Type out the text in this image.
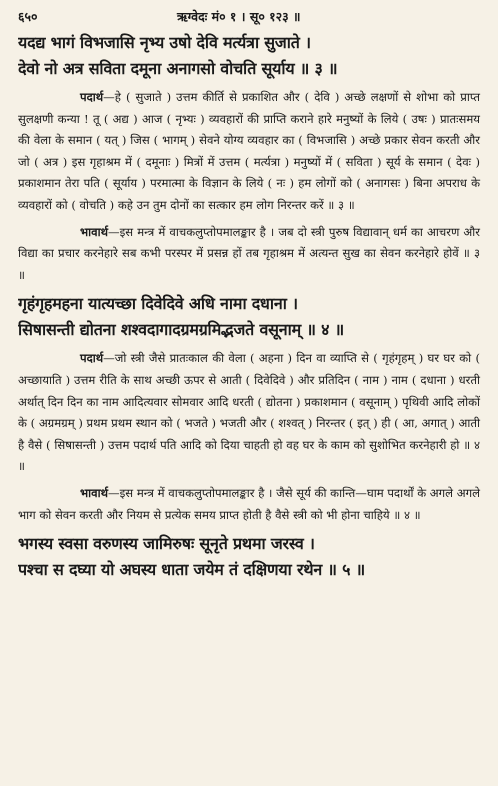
६५०	ऋग्वेदः मं० १ । सू० १२३ ॥
यदद्य भागं विभजासि नृभ्य उषो देवि मर्त्यत्रा सुजाते ।
देवो नो अत्र सविता दमूना अनागसो वोचति सूर्याय ॥ ३ ॥

पदार्थ—हे ( सुजाते ) उत्तम कीर्ति से प्रकाशित और ( देवि ) अच्छे लक्षणों से शोभा को प्राप्त सुलक्षणी कन्या ! तू ( अद्य ) आज ( नृभ्यः ) व्यवहारों की प्राप्ति कराने हारे मनुष्यों के लिये ( उषः ) प्रातःसमय की वेला के समान ( यत् ) जिस ( भागम् ) सेवने योग्य व्यवहार का ( विभजासि ) अच्छे प्रकार सेवन करती और जो ( अत्र ) इस गृहाश्रम में ( दमूनाः ) मित्रों में उत्तम ( मर्त्यत्रा ) मनुष्यों में ( सविता ) सूर्य के समान ( देवः ) प्रकाशमान तेरा पति ( सूर्याय ) परमात्मा के विज्ञान के लिये ( नः ) हम लोगों को ( अनागसः ) बिना अपराध के व्यवहारों को ( वोचति ) कहे उन तुम दोनों का सत्कार हम लोग निरन्तर करें ॥ ३ ॥

भावार्थ—इस मन्त्र में वाचकलुप्तोपमालङ्कार है । जब दो स्त्री पुरुष विद्यावान् धर्म का आचरण और विद्या का प्रचार करनेहारे सब कभी परस्पर में प्रसन्न हों तब गृहाश्रम में अत्यन्त सुख का सेवन करनेहारे होवें ॥ ३ ॥

गृहंगृहमहना यात्यच्छा दिवेदिवे अधि नामा दधाना ।
सिषासन्ती द्योतना शश्वदागादग्रमग्रमिद्भजते वसूनाम् ॥ ४ ॥

पदार्थ—जो स्त्री जैसे प्रातःकाल की वेला ( अहना ) दिन वा व्याप्ति से ( गृहंगृहम् ) घर घर को ( अच्छायाति ) उत्तम रीति के साथ अच्छी ऊपर से आती ( दिवेदिवे ) और प्रतिदिन ( नाम ) नाम ( दधाना ) धरती अर्थात् दिन दिन का नाम आदित्यवार सोमवार आदि धरती ( द्योतना ) प्रकाशमान ( वसूनाम् ) पृथिवी आदि लोकों के ( अग्रमग्रम् ) प्रथम प्रथम स्थान को ( भजते ) भजती और ( शश्वत् ) निरन्तर ( इत् ) ही ( आ, अगात् ) आती है वैसे ( सिषासन्ती ) उत्तम पदार्थ पति आदि को दिया चाहती हो वह घर के काम को सुशोभित करनेहारी हो ॥ ४ ॥

भावार्थ—इस मन्त्र में वाचकलुप्तोपमालङ्कार है । जैसे सूर्य की कान्ति—घाम पदार्थों के अगले अगले भाग को सेवन करती और नियम से प्रत्येक समय प्राप्त होती है वैसे स्त्री को भी होना चाहिये ॥ ४ ॥

भगस्य स्वसा वरुणस्य जामिरुषः सूनृते प्रथमा जरस्व ।
पश्चा स दघ्या यो अघस्य धाता जयेम तं दक्षिणया रथेन ॥ ५ ॥
